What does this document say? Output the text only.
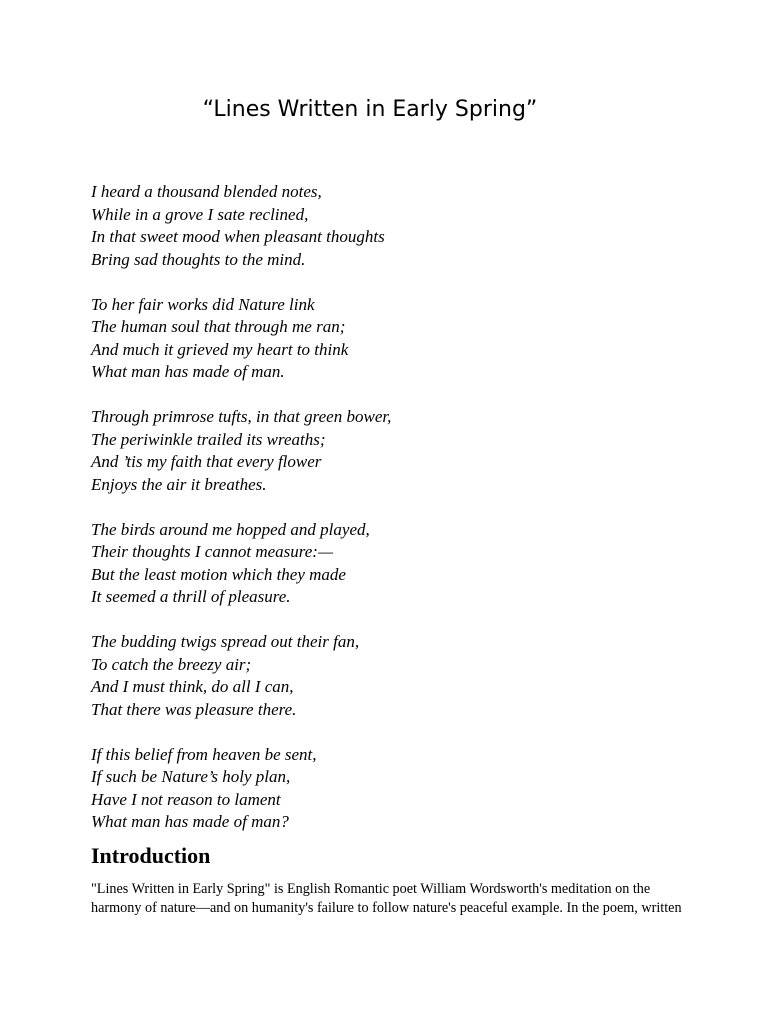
“Lines Written in Early Spring”
I heard a thousand blended notes,
While in a grove I sate reclined,
In that sweet mood when pleasant thoughts
Bring sad thoughts to the mind.
To her fair works did Nature link
The human soul that through me ran;
And much it grieved my heart to think
What man has made of man.
Through primrose tufts, in that green bower,
The periwinkle trailed its wreaths;
And ’tis my faith that every flower
Enjoys the air it breathes.
The birds around me hopped and played,
Their thoughts I cannot measure:—
But the least motion which they made
It seemed a thrill of pleasure.
The budding twigs spread out their fan,
To catch the breezy air;
And I must think, do all I can,
That there was pleasure there.
If this belief from heaven be sent,
If such be Nature’s holy plan,
Have I not reason to lament
What man has made of man?
Introduction

"Lines Written in Early Spring" is English Romantic poet William Wordsworth's meditation on the
harmony of nature—and on humanity's failure to follow nature's peaceful example. In the poem, written
